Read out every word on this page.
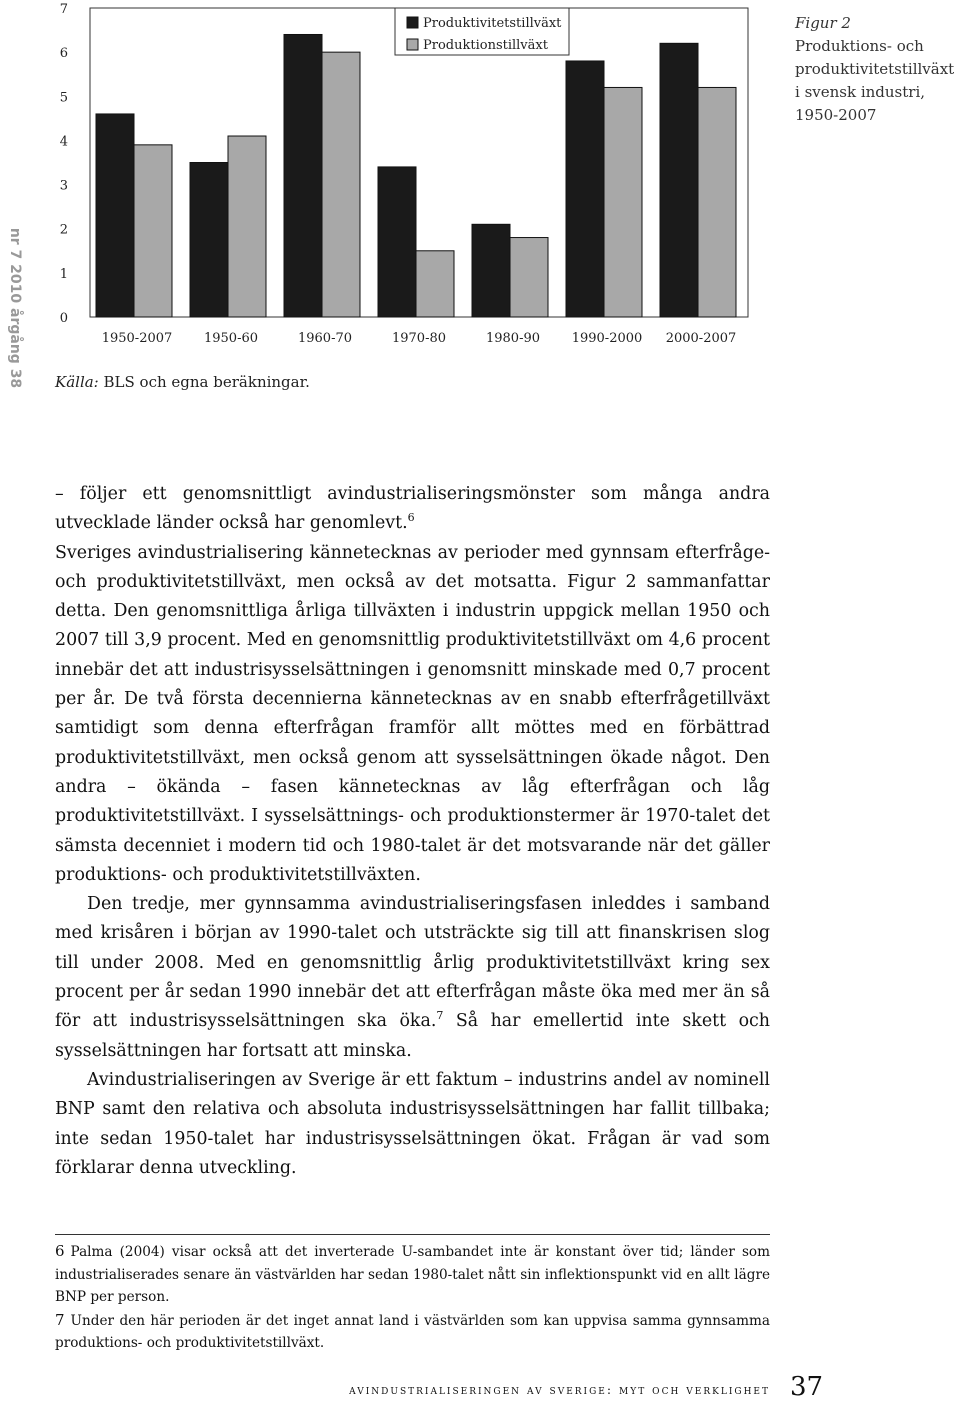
nr 7 2010 årgång 38	0
1
2
3
4
5
6
7
1950-2007 1950-60	1960-70	1970-80	1980-90 1990-2000 2000-2007
Produktivitetstillväxt
Produktionstillväxt
Figur 2
Produktions- och
produktivitetstillväxt
i svensk industri,
1950-2007
Källa: BLS och egna beräkningar.

– följer ett genomsnittligt avindustrialiseringsmönster som många andra utvecklade länder också har genomlevt.$^6$

Sveriges avindustrialisering kännetecknas av perioder med gynnsam efterfråge- och produktivitetstillväxt, men också av det motsatta. Figur 2 sammanfattar detta. Den genomsnittliga årliga tillväxten i industrin uppgick mellan 1950 och 2007 till 3,9 procent. Med en genomsnittlig produktivitetstillväxt om 4,6 procent innebär det att industrisysselsättningen i genomsnitt minskade med 0,7 procent per år. De två första decennierna kännetecknas av en snabb efterfrågetillväxt samtidigt som denna efterfrågan framför allt möttes med en förbättrad produktivitetstillväxt, men också genom att sysselsättningen ökade något. Den andra – ökända – fasen kännetecknas av låg efterfrågan och låg produktivitetstillväxt. I sysselsättnings- och produktionstermer är 1970-talet det sämsta decenniet i modern tid och 1980-talet är det motsvarande när det gäller produktions- och produktivitetstillväxten.

Den tredje, mer gynnsamma avindustrialiseringsfasen inleddes i samband med krisåren i början av 1990-talet och utsträckte sig till att finanskrisen slog till under 2008. Med en genomsnittlig årlig produktivitetstillväxt kring sex procent per år sedan 1990 innebär det att efterfrågan måste öka med mer än så för att industrisysselsättningen ska öka.$^7$ Så har emellertid inte skett och sysselsättningen har fortsatt att minska.

Avindustrialiseringen av Sverige är ett faktum – industrins andel av nominell BNP samt den relativa och absoluta industrisysselsättningen har fallit tillbaka; inte sedan 1950-talet har industrisysselsättningen ökat. Frågan är vad som förklarar denna utveckling.

6 Palma (2004) visar också att det inverterade U-sambandet inte är konstant över tid; länder som industrialiserades senare än västvärlden har sedan 1980-talet nått sin inflektionspunkt vid en allt lägre BNP per person.

7 Under den här perioden är det inget annat land i västvärlden som kan uppvisa samma gynnsamma produktions- och produktivitetstillväxt.

avindustrialiseringen av sverige: myt och verklighet 37
